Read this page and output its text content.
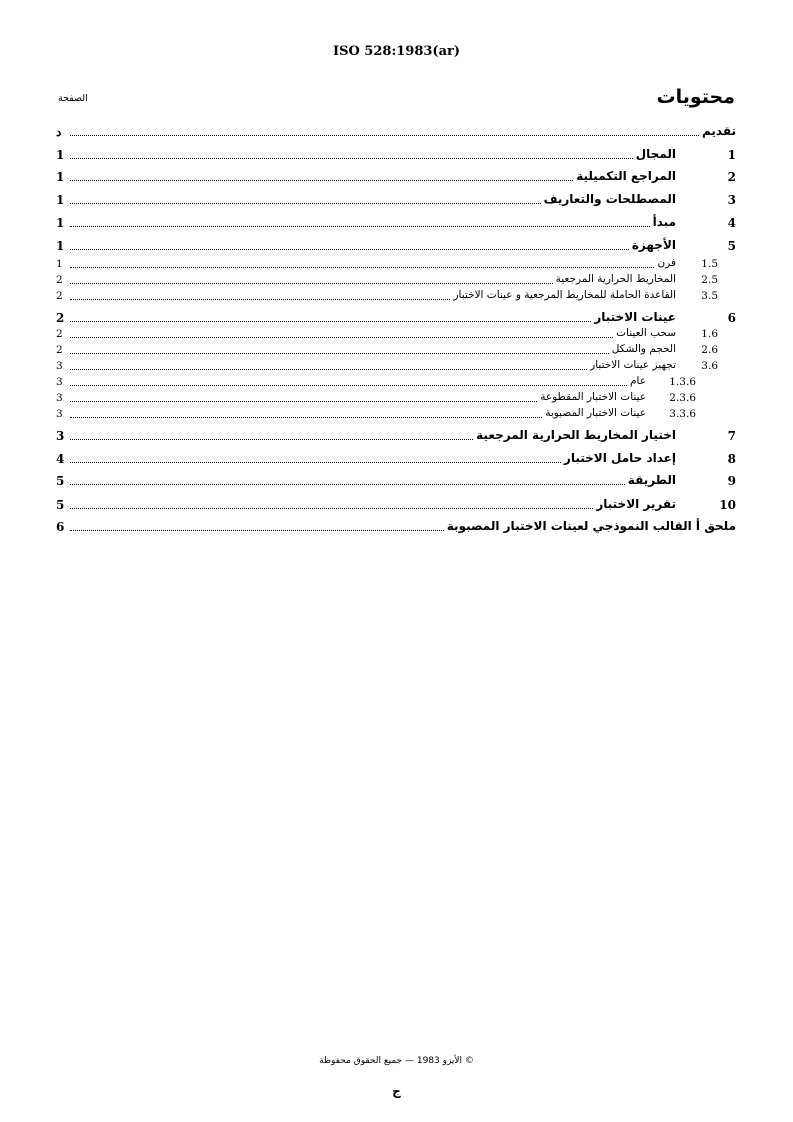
ISO 528:1983(ar)
محتويات
الصفحة
تقديم
د
1
المجال
1
2
المراجع التكميلية
1
3
المصطلحات والتعاريف
1
4
مبدأ
1
5
الأجهزة
1
1.5
فرن
1
2.5
المخاريط الحرارية المرجعية
2
3.5
القاعدة الحاملة للمخاريط المرجعية و عينات الاختبار
2
6
عينات الاختبار
2
1.6
سحب العينات
2
2.6
الحجم والشكل
2
3.6
تجهيز عينات الاختبار
3
1.3.6
عام
3
2.3.6
عينات الاختبار المقطوعة
3
3.3.6
عينات الاختبار المصبوبة
3
7
اختيار المخاريط الحرارية المرجعية
3
8
إعداد حامل الاختبار
4
9
الطريقة
5
10
تقرير الاختبار
5
ملحق أ القالب النموذجي لعينات الاختبار المصبوبة
6
© الأيزو 1983 — جميع الحقوق محفوظة
ج
